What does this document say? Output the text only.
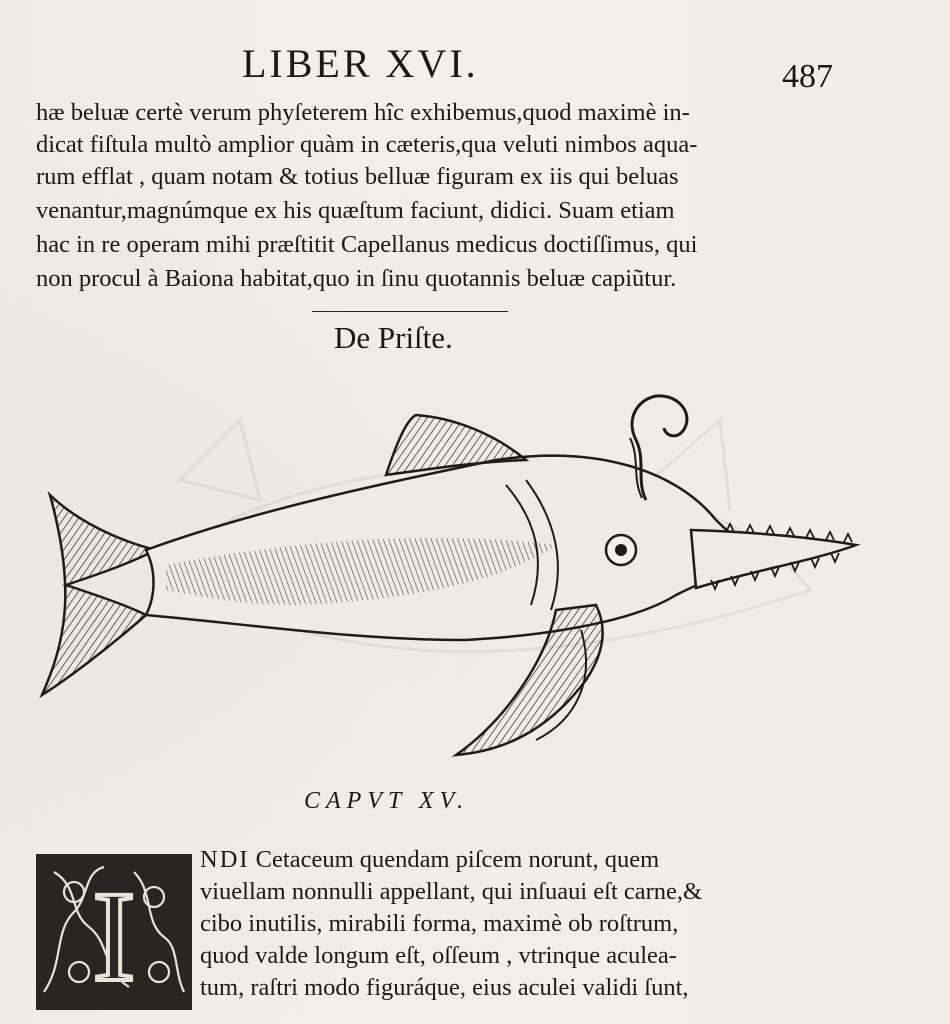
LIBER XVI.	487
hæ beluæ certè verum phyſeterem hîc exhibemus,quod maximè in-
dicat fiſtula multò amplior quàm in cæteris,qua veluti nimbos aqua-
rum efflat , quam notam & totius belluæ figuram ex iis qui beluas
venantur,magnúmque ex his quæſtum faciunt, didici. Suam etiam
hac in re operam mihi præſtitit Capellanus medicus doctiſſimus, qui
non procul à Baiona habitat,quo in ſinu quotannis beluæ capiũtur.
De Priſte.
CAPVT XV.
I
NDI Cetaceum quendam piſcem norunt, quem
viuellam nonnulli appellant, qui inſuaui eſt carne,&
cibo inutilis, mirabili forma, maximè ob roſtrum,
quod valde longum eſt, oſſeum , vtrinque aculea-
tum, raſtri modo figuráque, eius aculei validi ſunt,
